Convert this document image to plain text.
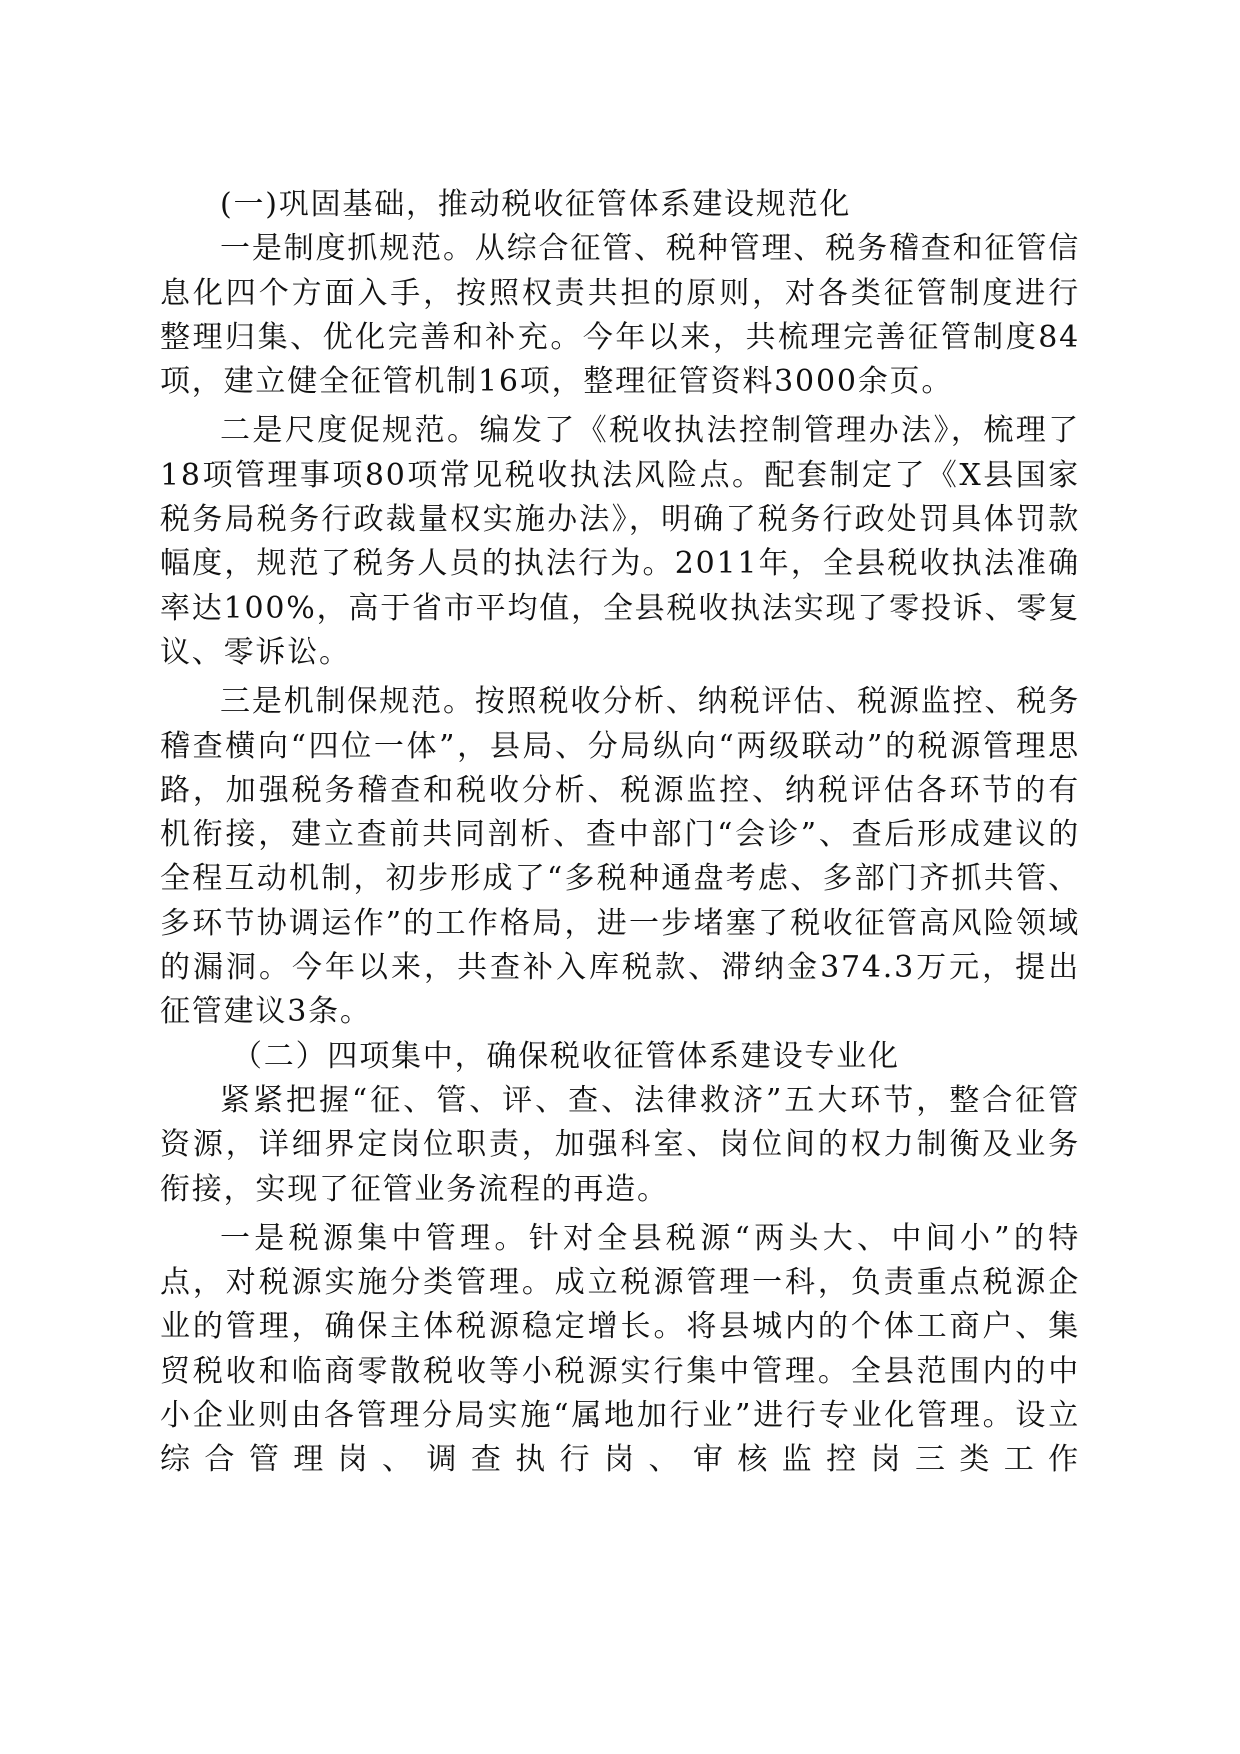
(一)巩固基础，推动税收征管体系建设规范化

一是制度抓规范。从综合征管、税种管理、税务稽查和征管信息化四个方面入手，按照权责共担的原则，对各类征管制度进行整理归集、优化完善和补充。今年以来，共梳理完善征管制度84项，建立健全征管机制16项，整理征管资料3000余页。

二是尺度促规范。编发了《税收执法控制管理办法》，梳理了18项管理事项80项常见税收执法风险点。配套制定了《X县国家税务局税务行政裁量权实施办法》，明确了税务行政处罚具体罚款幅度，规范了税务人员的执法行为。2011年，全县税收执法准确率达100%，高于省市平均值，全县税收执法实现了零投诉、零复议、零诉讼。

三是机制保规范。按照税收分析、纳税评估、税源监控、税务稽查横向“四位一体”，县局、分局纵向“两级联动”的税源管理思路，加强税务稽查和税收分析、税源监控、纳税评估各环节的有机衔接，建立查前共同剖析、查中部门“会诊”、查后形成建议的全程互动机制，初步形成了“多税种通盘考虑、多部门齐抓共管、多环节协调运作”的工作格局，进一步堵塞了税收征管高风险领域的漏洞。今年以来，共查补入库税款、滞纳金374.3万元，提出征管建议3条。

（二）四项集中，确保税收征管体系建设专业化

紧紧把握“征、管、评、查、法律救济”五大环节，整合征管资源，详细界定岗位职责，加强科室、岗位间的权力制衡及业务衔接，实现了征管业务流程的再造。

一是税源集中管理。针对全县税源“两头大、中间小”的特点，对税源实施分类管理。成立税源管理一科，负责重点税源企业的管理，确保主体税源稳定增长。将县城内的个体工商户、集贸税收和临商零散税收等小税源实行集中管理。全县范围内的中小企业则由各管理分局实施“属地加行业”进行专业化管理。设立综合管理岗、调查执行岗、审核监控岗三类工作
